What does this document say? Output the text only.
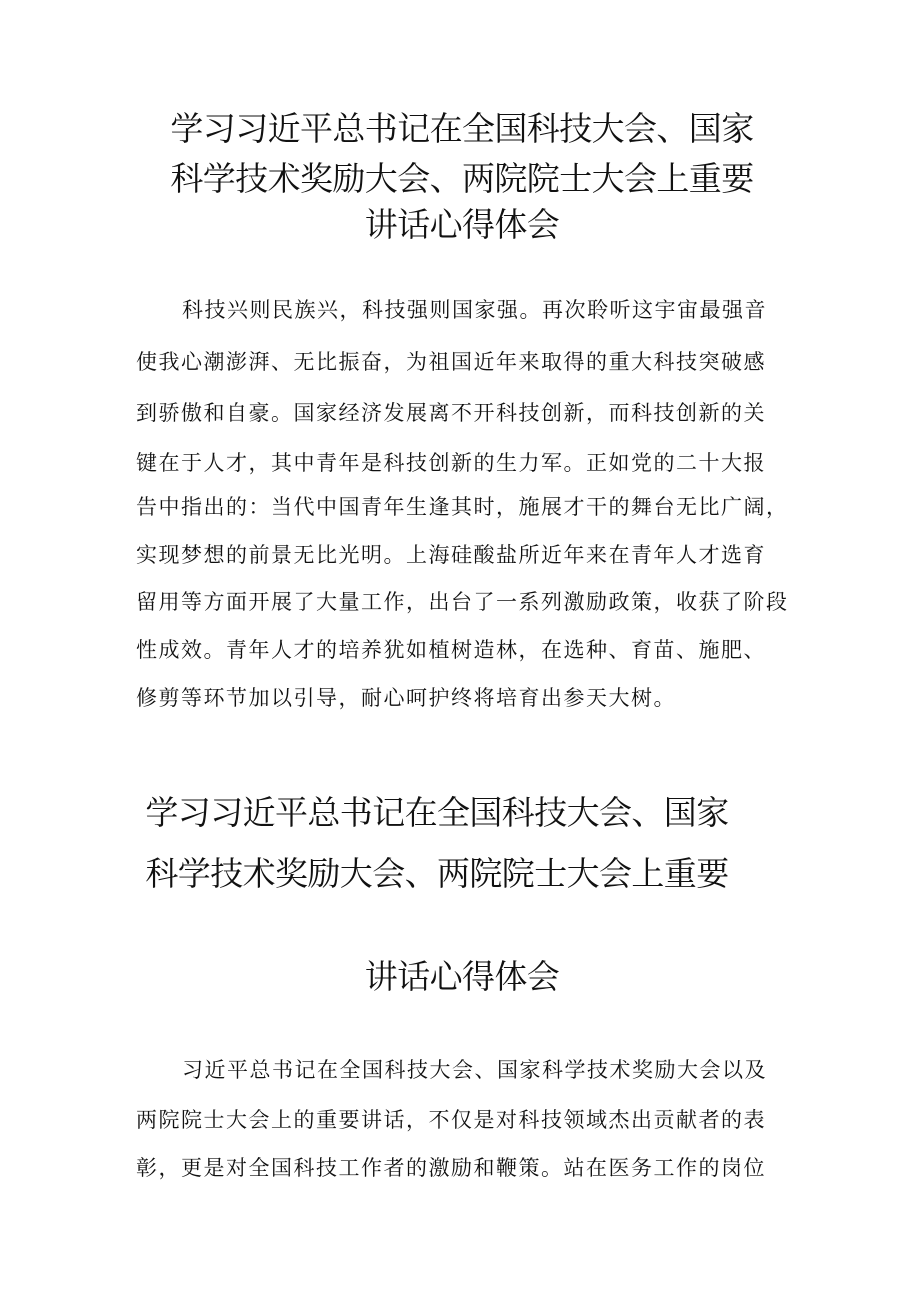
学习习近平总书记在全国科技大会、国家
科学技术奖励大会、两院院士大会上重要
讲话心得体会
科技兴则民族兴，科技强则国家强。再次聆听这宇宙最强音
使我心潮澎湃、无比振奋，为祖国近年来取得的重大科技突破感
到骄傲和自豪。国家经济发展离不开科技创新，而科技创新的关
键在于人才，其中青年是科技创新的生力军。正如党的二十大报
告中指出的：当代中国青年生逢其时，施展才干的舞台无比广阔，
实现梦想的前景无比光明。上海硅酸盐所近年来在青年人才选育
留用等方面开展了大量工作，出台了一系列激励政策，收获了阶段
性成效。青年人才的培养犹如植树造林，在选种、育苗、施肥、
修剪等环节加以引导，耐心呵护终将培育出参天大树。
学习习近平总书记在全国科技大会、国家
科学技术奖励大会、两院院士大会上重要
讲话心得体会
习近平总书记在全国科技大会、国家科学技术奖励大会以及
两院院士大会上的重要讲话，不仅是对科技领域杰出贡献者的表
彰，更是对全国科技工作者的激励和鞭策。站在医务工作的岗位
